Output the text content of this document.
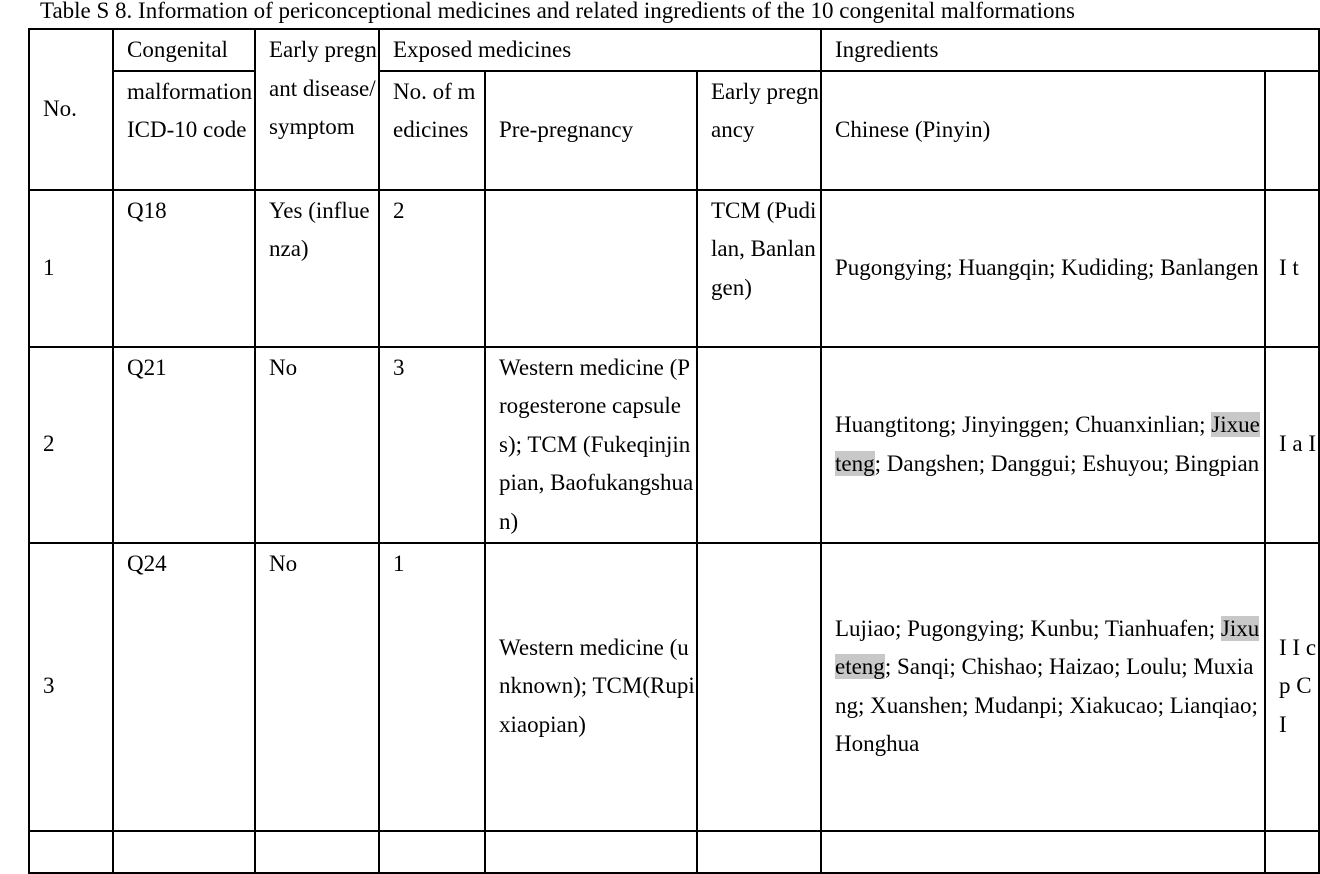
Table S 8. Information of periconceptional medicines and related ingredients of the 10 congenital malformations
No.	Congenital	Early pregnant disease/symptom	Exposed medicines			Ingredients	
	malformation ICD-10 code		No. of medicines	Pre-pregnancy	Early pregnancy	Chinese (Pinyin)	
1	Q18	Yes (influenza)	2		TCM (Pudilan, Banlangen)	Pugongying; Huangqin; Kudiding; Banlangen	I t
2	Q21	No	3	Western medicine (Progesterone capsules); TCM (Fukeqinjinpian, Baofukangshuan)		Huangtitong; Jinyinggen; Chuanxinlian; Jixueteng; Dangshen; Danggui; Eshuyou; Bingpian	I a I
3	Q24	No	1	Western medicine (unknown); TCM(Rupixiaopian)		Lujiao; Pugongying; Kunbu; Tianhuafen; Jixueteng; Sanqi; Chishao; Haizao; Loulu; Muxiang; Xuanshen; Mudanpi; Xiakucao; Lianqiao; Honghua	I I c p C I
